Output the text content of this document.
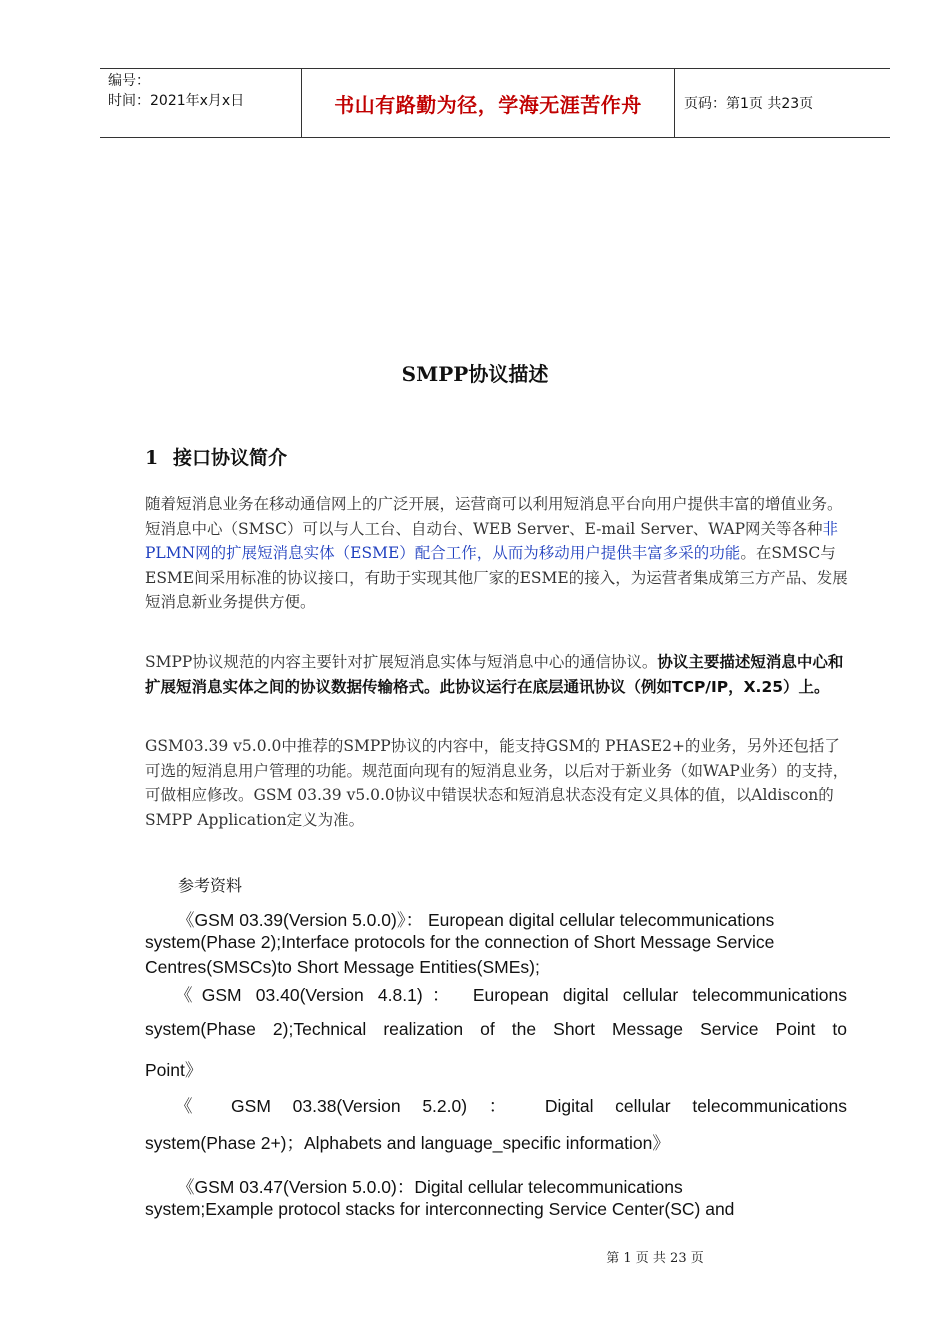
编号：
时间：2021年x月x日	书山有路勤为径，学海无涯苦作舟	页码：第1页 共23页
SMPP协议描述
1 接口协议简介
随着短消息业务在移动通信网上的广泛开展，运营商可以利用短消息平台向用户提供丰富的增值业务。短消息中心（SMSC）可以与人工台、自动台、WEB Server、E-mail Server、WAP网关等各种非PLMN网的扩展短消息实体（ESME）配合工作，从而为移动用户提供丰富多采的功能。在SMSC与ESME间采用标准的协议接口，有助于实现其他厂家的ESME的接入，为运营者集成第三方产品、发展短消息新业务提供方便。
SMPP协议规范的内容主要针对扩展短消息实体与短消息中心的通信协议。协议主要描述短消息中心和扩展短消息实体之间的协议数据传输格式。此协议运行在底层通讯协议（例如TCP/IP，X.25）上。
GSM03.39 v5.0.0中推荐的SMPP协议的内容中，能支持GSM的 PHASE2+的业务，另外还包括了可选的短消息用户管理的功能。规范面向现有的短消息业务，以后对于新业务（如WAP业务）的支持，可做相应修改。GSM 03.39 v5.0.0协议中错误状态和短消息状态没有定义具体的值，以Aldiscon的SMPP Application定义为准。
参考资料
《GSM 03.39(Version 5.0.0)》： European digital cellular telecommunications
system(Phase 2);Interface protocols for the connection of Short Message Service
Centres(SMSCs)to Short Message Entities(SMEs);
《GSM 03.40(Version 4.8.1)： European digital cellular telecommunications
system(Phase 2);Technical realization of the Short Message Service Point to
Point》
《 GSM 03.38(Version 5.2.0) ： Digital cellular telecommunications
system(Phase 2+)；Alphabets and language_specific information》
《GSM 03.47(Version 5.0.0)：Digital cellular telecommunications
system;Example protocol stacks for interconnecting Service Center(SC) and
第 1 页 共 23 页
